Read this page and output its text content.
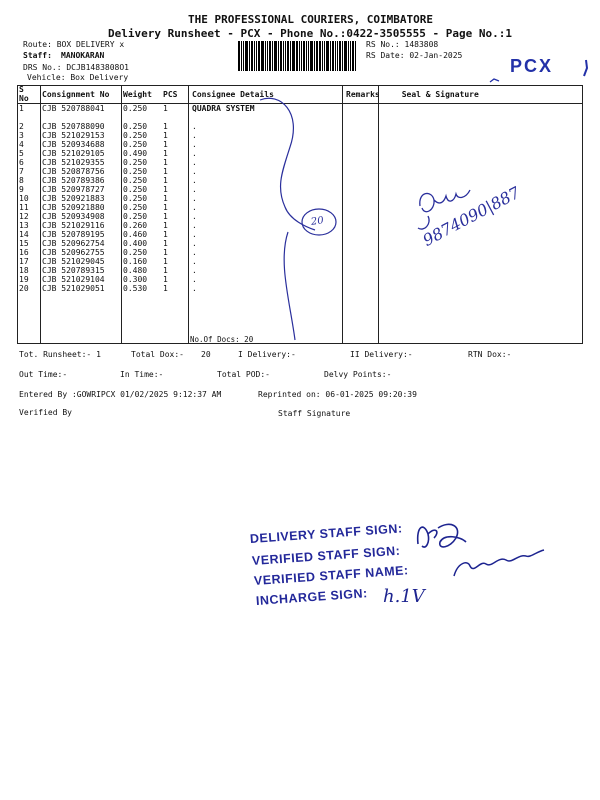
THE PROFESSIONAL COURIERS, COIMBATORE
Delivery Runsheet - PCX - Phone No.:0422-3505555 - Page No.:1
Route: BOX DELIVERY x
Staff: MANOKARAN
DRS No.: DCJB1483808O1
Vehicle: Box Delivery
RS No.: 1483808
RS Date: 02-Jan-2025
PCX
S No	Consignment No	Weight	PCS	Consignee Details	Remarks	Seal & Signature
1	CJB 520788041	0.250	1	QUADRA SYSTEM		
2	CJB 520788090	0.250	1	.		
3	CJB 521029153	0.250	1	.		
4	CJB 520934688	0.250	1	.		
5	CJB 521029105	0.490	1	.		
6	CJB 521029355	0.250	1	.		
7	CJB 520878756	0.250	1	.		
8	CJB 520789386	0.250	1	.		
9	CJB 520978727	0.250	1	.		
10	CJB 520921883	0.250	1	.		
11	CJB 520921880	0.250	1	.		
12	CJB 520934908	0.250	1	.		
13	CJB 521029116	0.260	1	.		
14	CJB 520789195	0.460	1	.		
15	CJB 520962754	0.400	1	.		
16	CJB 520962755	0.250	1	.		
17	CJB 521029045	0.160	1	.		
18	CJB 520789315	0.480	1	.		
19	CJB 521029104	0.300	1	.		
20	CJB 521029051	0.530	1	.		
No.Of Docs: 20
20	9874090|887
Tot. Runsheet:- 1	Total Dox:- 20	I Delivery:-	II Delivery:-	RTN Dox:-
Out Time:-	In Time:-	Total POD:-	Delvy Points:-
Entered By :GOWRIPCX 01/02/2025 9:12:37 AM	Reprinted on: 06-01-2025 09:20:39
Verified By	Staff Signature
DELIVERY STAFF SIGN:
VERIFIED STAFF SIGN:
VERIFIED STAFF NAME:
INCHARGE SIGN: h.1V
